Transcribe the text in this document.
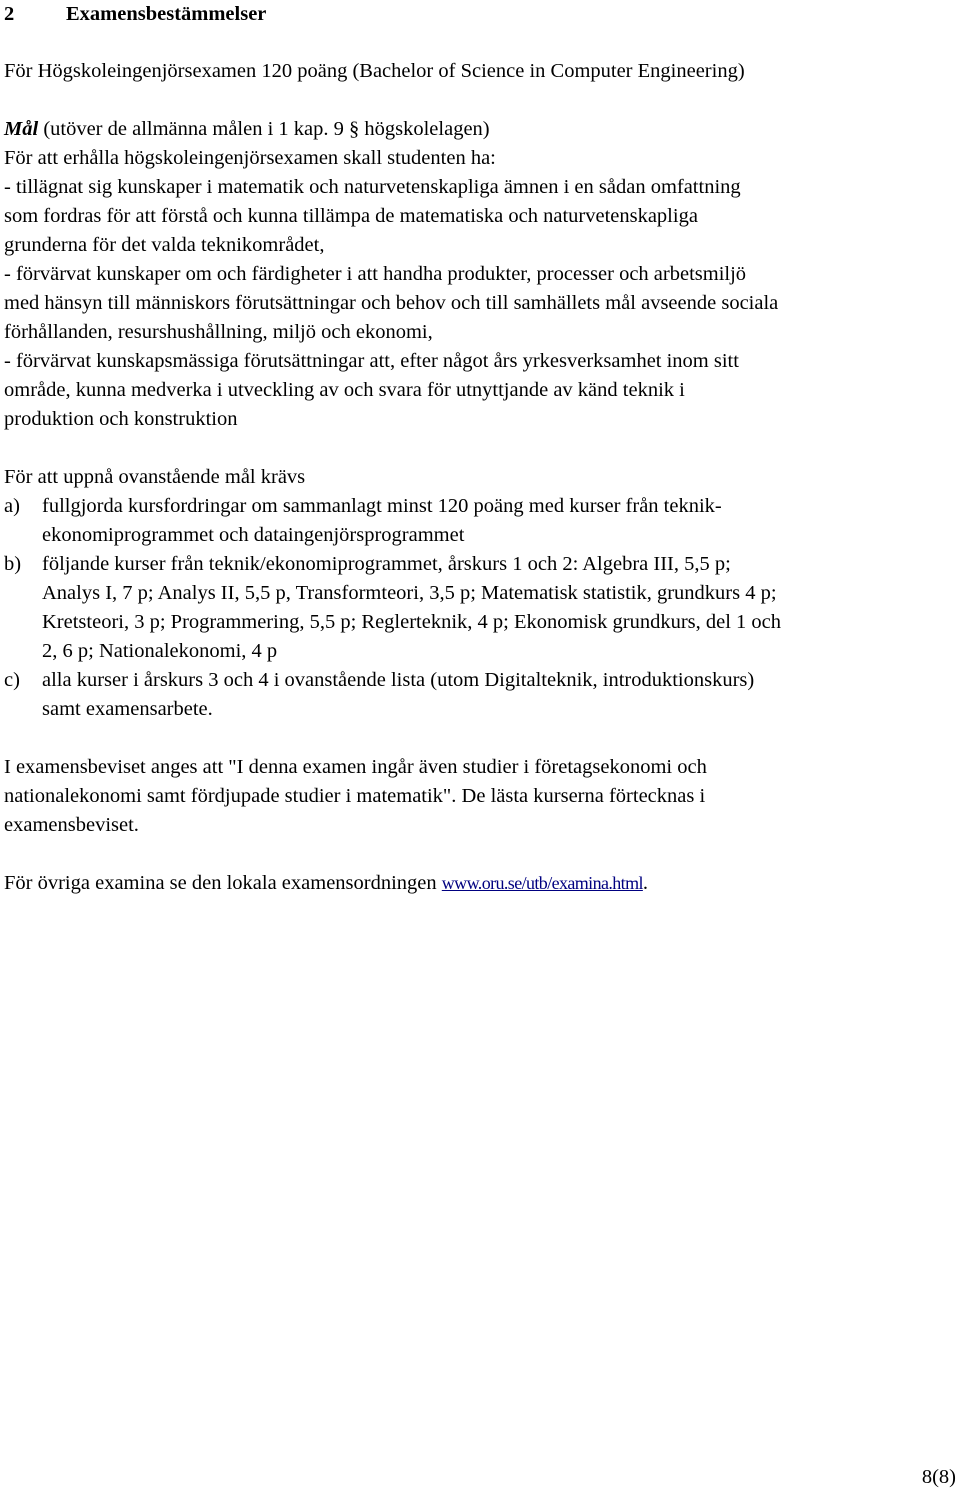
2	Examensbestämmelser
För Högskoleingenjörsexamen 120 poäng (Bachelor of Science in Computer Engineering)
Mål (utöver de allmänna målen i 1 kap. 9 § högskolelagen)
För att erhålla högskoleingenjörsexamen skall studenten ha:
- tillägnat sig kunskaper i matematik och naturvetenskapliga ämnen i en sådan omfattning
som fordras för att förstå och kunna tillämpa de matematiska och naturvetenskapliga
grunderna för det valda teknikområdet,
- förvärvat kunskaper om och färdigheter i att handha produkter, processer och arbetsmiljö
med hänsyn till människors förutsättningar och behov och till samhällets mål avseende sociala
förhållanden, resurshushållning, miljö och ekonomi,
- förvärvat kunskapsmässiga förutsättningar att, efter något års yrkesverksamhet inom sitt
område, kunna medverka i utveckling av och svara för utnyttjande av känd teknik i
produktion och konstruktion
För att uppnå ovanstående mål krävs
a) fullgjorda kursfordringar om sammanlagt minst 120 poäng med kurser från teknik-
ekonomiprogrammet och dataingenjörsprogrammet
b) följande kurser från teknik/ekonomiprogrammet, årskurs 1 och 2: Algebra III, 5,5 p;
Analys I, 7 p; Analys II, 5,5 p, Transformteori, 3,5 p; Matematisk statistik, grundkurs 4 p;
Kretsteori, 3 p; Programmering, 5,5 p; Reglerteknik, 4 p; Ekonomisk grundkurs, del 1 och
2, 6 p; Nationalekonomi, 4 p
c) alla kurser i årskurs 3 och 4 i ovanstående lista (utom Digitalteknik, introduktionskurs)
samt examensarbete.
I examensbeviset anges att "I denna examen ingår även studier i företagsekonomi och
nationalekonomi samt fördjupade studier i matematik". De lästa kurserna förtecknas i
examensbeviset.
För övriga examina se den lokala examensordningen www.oru.se/utb/examina.html.
8(8)
